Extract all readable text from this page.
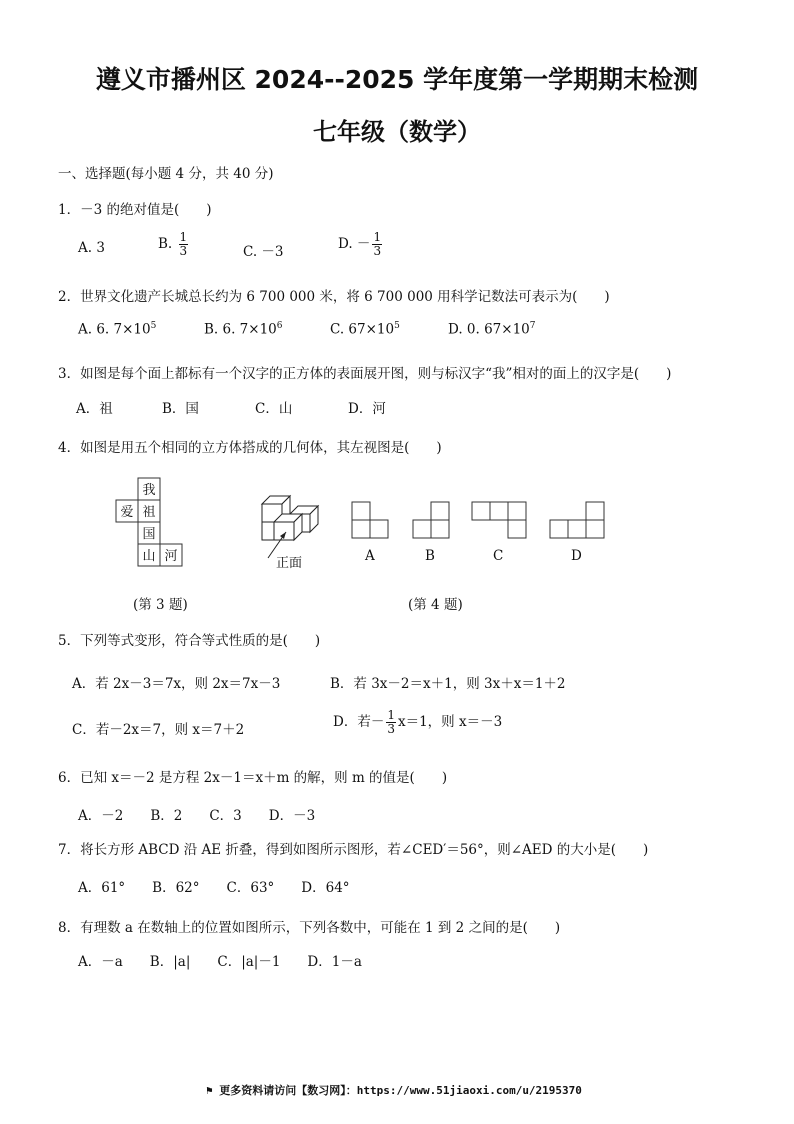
遵义市播州区 2024--2025 学年度第一学期期末检测
七年级（数学）
一、选择题(每小题 4 分，共 40 分)
1．－3 的绝对值是(　　)
A. 3	B. $\frac{1}{3}$	C. －3	D. － $\frac{1}{3}$
2．世界文化遗产长城总长约为 6 700 000 米，将 6 700 000 用科学记数法可表示为(　　)
A. 6. $7\times 10^5$	B. 6. $7\times 10^6$	C. $67\times 10^5$	D. 0. $67\times 10^7$
3．如图是每个面上都标有一个汉字的正方体的表面展开图，则与标汉字“我”相对的面上的汉字是(　　)
A．祖	B．国	C．山	D．河
4．如图是用五个相同的立方体搭成的几何体，其左视图是(　　)
我
爱 祖
国
山 河
(第 3 题)
正面	A	B	C	D
(第 4 题)
5．下列等式变形，符合等式性质的是(　　)
A．若 2x－3＝7x，则 2x＝7x－3	B．若 3x－2＝x＋1，则 3x＋x＝1＋2
C．若－2x＝7，则 x＝7＋2	D．若－ $\frac{1}{3} x=1$，则 x＝－3
6．已知 x＝－2 是方程 2x－1＝x＋m 的解，则 m 的值是(　　)
A．－2　　B．2　　C．3　　D．－3
7．将长方形 ABCD 沿 AE 折叠，得到如图所示图形，若∠CED′＝56°，则∠AED 的大小是(　　)
A．61°　　B．62°　　C．63°　　D．64°
8．有理数 a 在数轴上的位置如图所示，下列各数中，可能在 1 到 2 之间的是(　　)
A．－a　　B．|a|　　C．|a|－1　　D．1－a
⚑ 更多资料请访问【数习网】：https://www.51jiaoxi.com/u/2195370
